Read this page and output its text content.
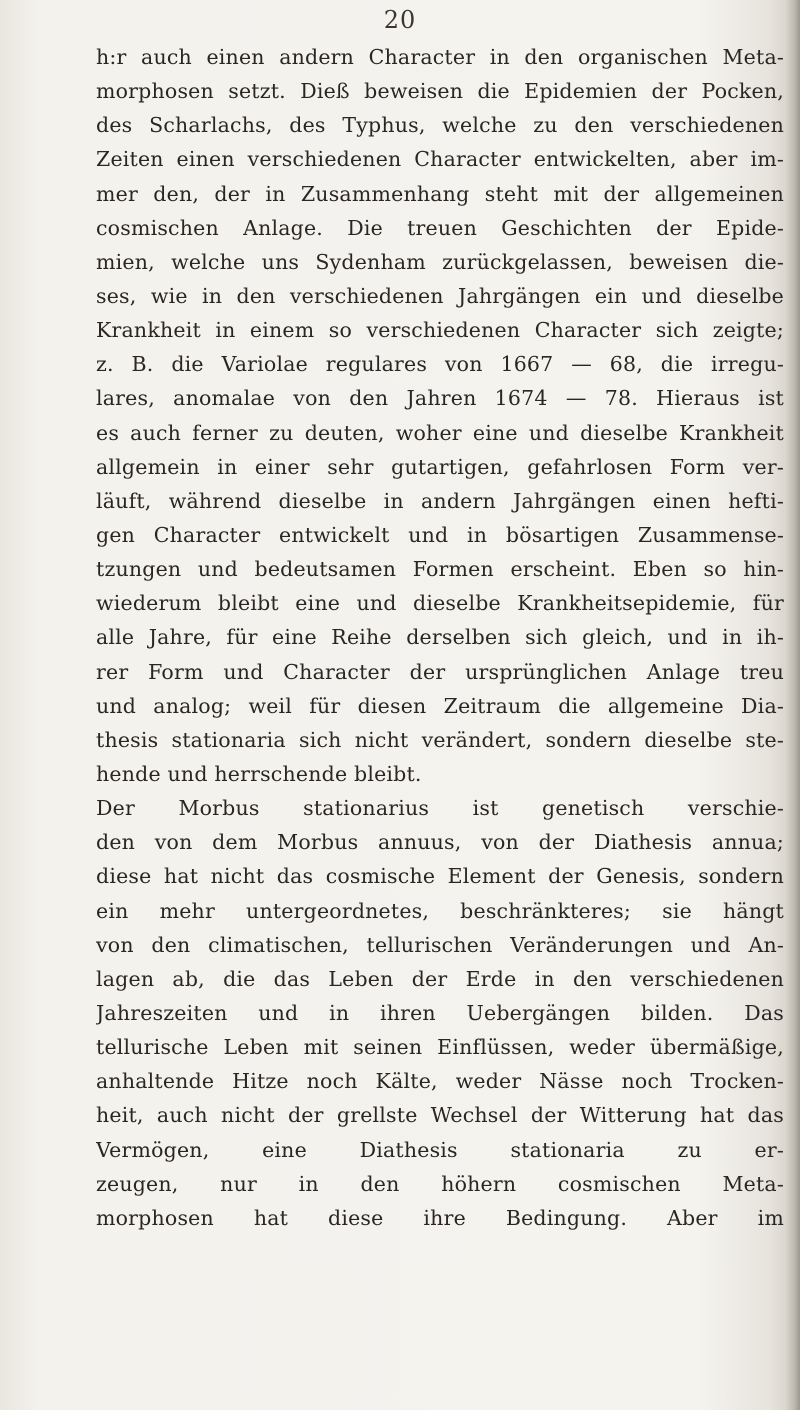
20
h:r auch einen andern Character in den organischen Meta-
morphosen setzt. Dieß beweisen die Epidemien der Pocken,
des Scharlachs, des Typhus, welche zu den verschiedenen
Zeiten einen verschiedenen Character entwickelten, aber im-
mer den, der in Zusammenhang steht mit der allgemeinen
cosmischen Anlage. Die treuen Geschichten der Epide-
mien, welche uns Sydenham zurückgelassen, beweisen die-
ses, wie in den verschiedenen Jahrgängen ein und dieselbe
Krankheit in einem so verschiedenen Character sich zeigte;
z. B. die Variolae regulares von 1667 — 68, die irregu-
lares, anomalae von den Jahren 1674 — 78. Hieraus ist
es auch ferner zu deuten, woher eine und dieselbe Krankheit
allgemein in einer sehr gutartigen, gefahrlosen Form ver-
läuft, während dieselbe in andern Jahrgängen einen hefti-
gen Character entwickelt und in bösartigen Zusammense-
tzungen und bedeutsamen Formen erscheint. Eben so hin-
wiederum bleibt eine und dieselbe Krankheitsepidemie, für
alle Jahre, für eine Reihe derselben sich gleich, und in ih-
rer Form und Character der ursprünglichen Anlage treu
und analog; weil für diesen Zeitraum die allgemeine Dia-
thesis stationaria sich nicht verändert, sondern dieselbe ste-
hende und herrschende bleibt.
Der Morbus stationarius ist genetisch verschie-
den von dem Morbus annuus, von der Diathesis annua;
diese hat nicht das cosmische Element der Genesis, sondern
ein mehr untergeordnetes, beschränkteres; sie hängt
von den climatischen, tellurischen Veränderungen und An-
lagen ab, die das Leben der Erde in den verschiedenen
Jahreszeiten und in ihren Uebergängen bilden. Das
tellurische Leben mit seinen Einflüssen, weder übermäßige,
anhaltende Hitze noch Kälte, weder Nässe noch Trocken-
heit, auch nicht der grellste Wechsel der Witterung hat das
Vermögen, eine Diathesis stationaria zu er-
zeugen, nur in den höhern cosmischen Meta-
morphosen hat diese ihre Bedingung. Aber im
